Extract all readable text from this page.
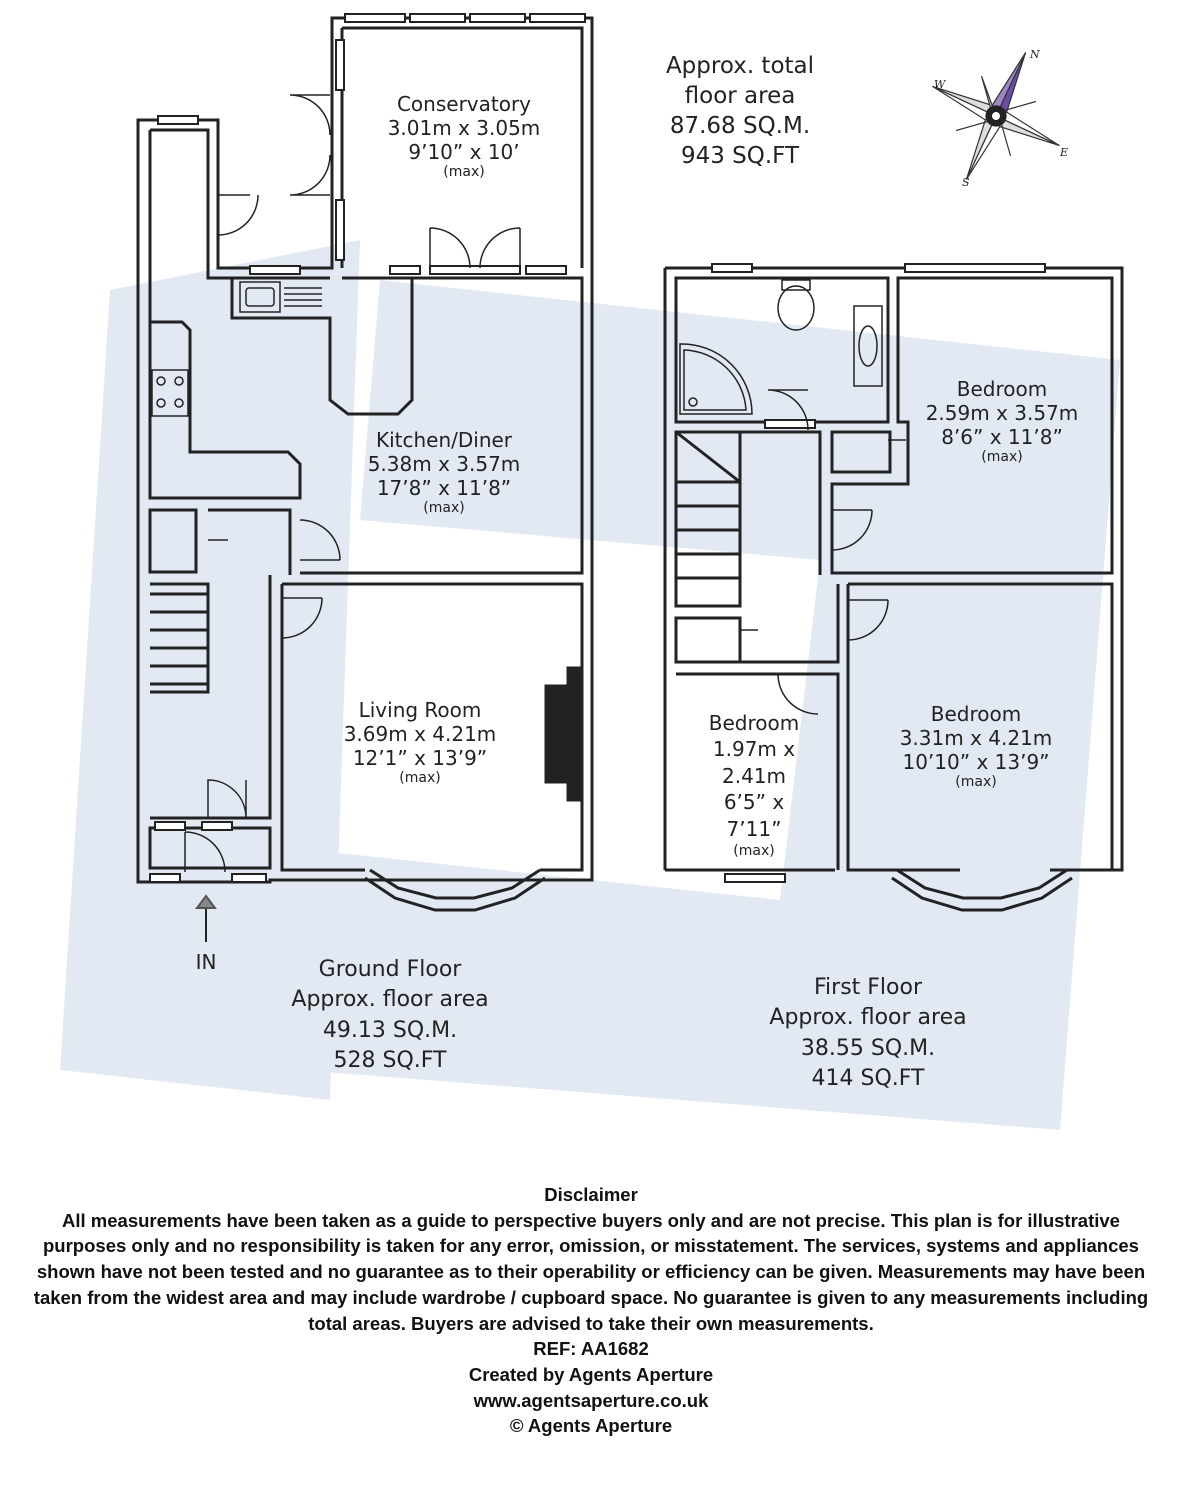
N
W
E
S
IN
Approx. total
floor area
87.68 SQ.M.
943 SQ.FT
Conservatory
3.01m x 3.05m
9’10” x 10’
(max)
Kitchen/Diner
5.38m x 3.57m
17’8” x 11’8”
(max)
Living Room
3.69m x 4.21m
12’1” x 13’9”
(max)
Bedroom
2.59m x 3.57m
8’6” x 11’8”
(max)
Bedroom
1.97m x
2.41m
6’5” x
7’11”
(max)
Bedroom
3.31m x 4.21m
10’10” x 13’9”
(max)
Ground Floor
Approx. floor area
49.13 SQ.M.
528 SQ.FT
First Floor
Approx. floor area
38.55 SQ.M.
414 SQ.FT
Disclaimer
All measurements have been taken as a guide to perspective buyers only and are not precise. This plan is for illustrative purposes only and no responsibility is taken for any error, omission, or misstatement. The services, systems and appliances shown have not been tested and no guarantee as to their operability or efficiency can be given. Measurements may have been taken from the widest area and may include wardrobe / cupboard space. No guarantee is given to any measurements including total areas. Buyers are advised to take their own measurements.
REF: AA1682
Created by Agents Aperture
www.agentsaperture.co.uk
© Agents Aperture
